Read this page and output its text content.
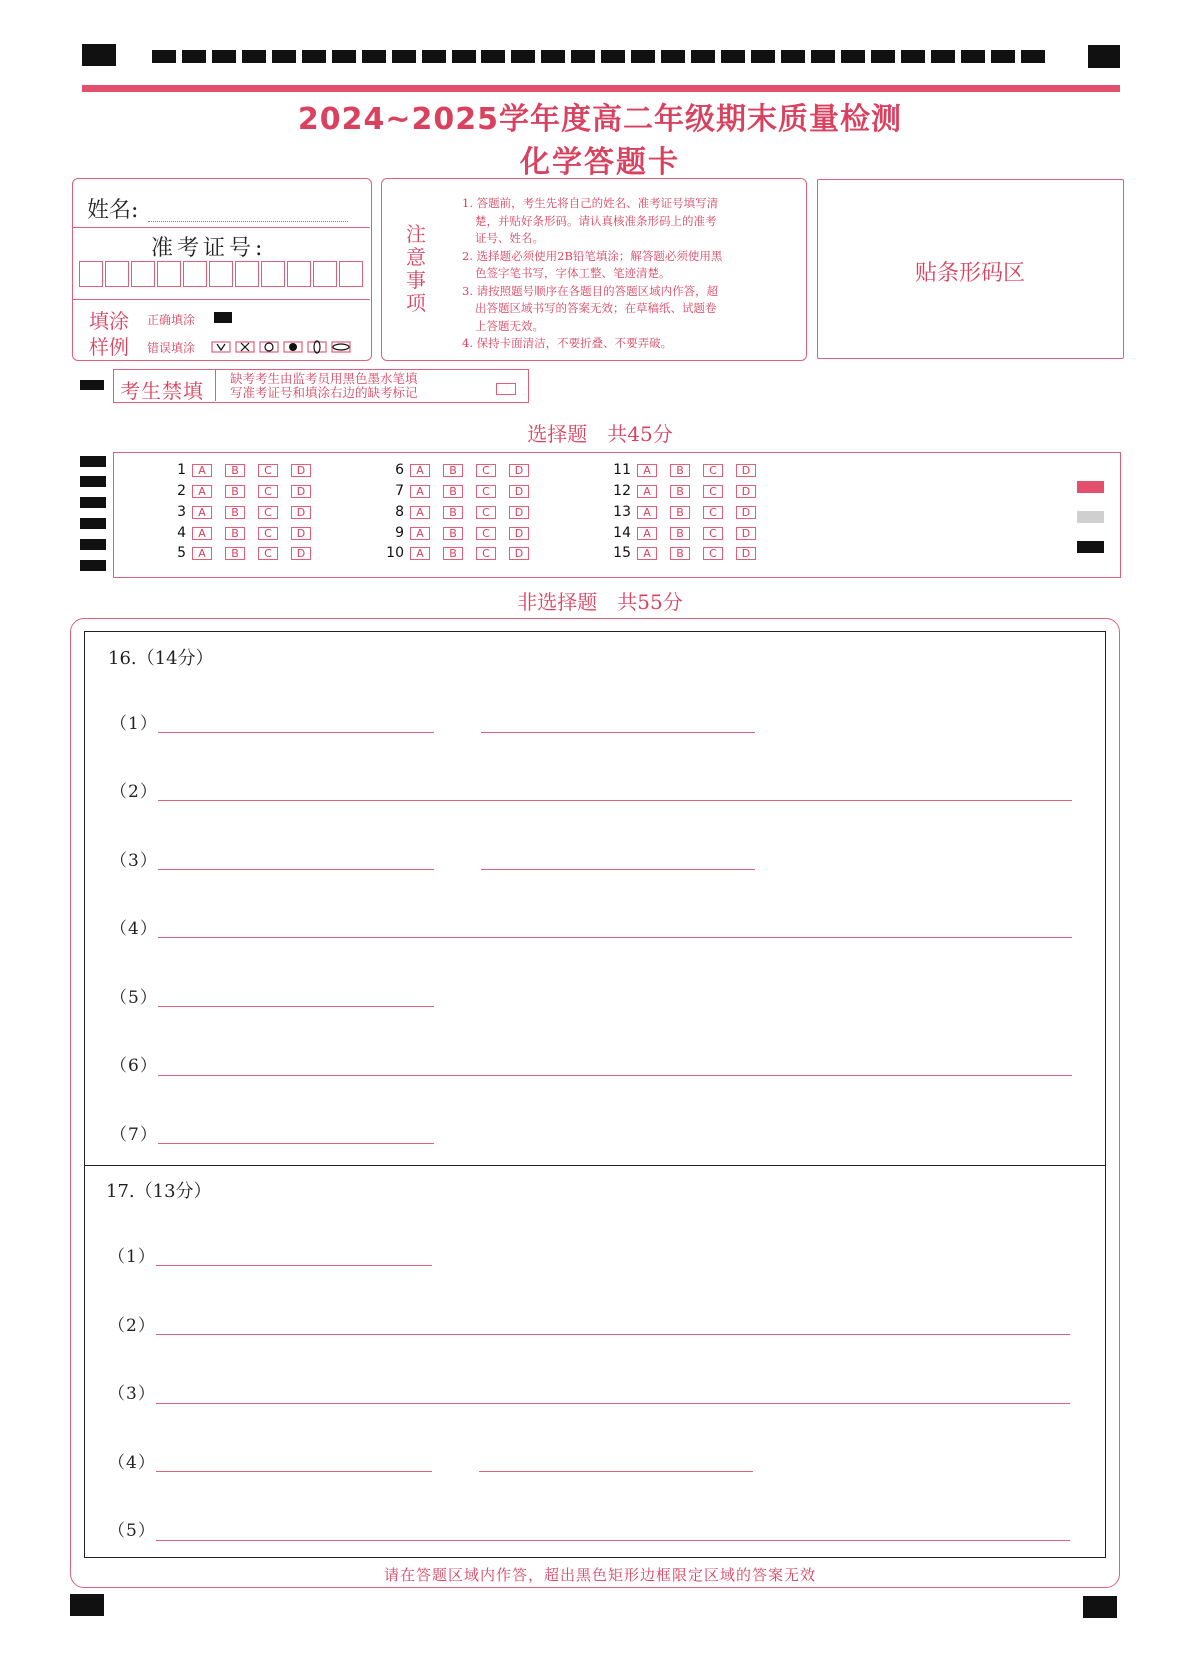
2024~2025学年度高二年级期末质量检测
化学答题卡
姓名:
准考证号:
填涂
样例
正确填涂
错误填涂
注意事项
1. 答题前，考生先将自己的姓名、准考证号填写清
楚，并贴好条形码。请认真核准条形码上的准考
证号、姓名。
2. 选择题必须使用2B铅笔填涂；解答题必须使用黑
色签字笔书写，字体工整、笔迹清楚。
3. 请按照题号顺序在各题目的答题区域内作答，超
出答题区域书写的答案无效；在草稿纸、试题卷
上答题无效。
4. 保持卡面清洁，不要折叠、不要弄破。
贴条形码区
考生禁填
缺考考生由监考员用黑色墨水笔填
写准考证号和填涂右边的缺考标记
选择题　共45分
1	A	B	C	D
2	A	B	C	D
3	A	B	C	D
4	A	B	C	D
5	A	B	C	D
6	A	B	C	D
7	A	B	C	D
8	A	B	C	D
9	A	B	C	D
10	A	B	C	D
11	A	B	C	D
12	A	B	C	D
13	A	B	C	D
14	A	B	C	D
15	A	B	C	D
非选择题　共55分
16.（14分）
（1）
（2）
（3）
（4）
（5）
（6）
（7）
17.（13分）
（1）
（2）
（3）
（4）
（5）
请在答题区域内作答，超出黑色矩形边框限定区域的答案无效
